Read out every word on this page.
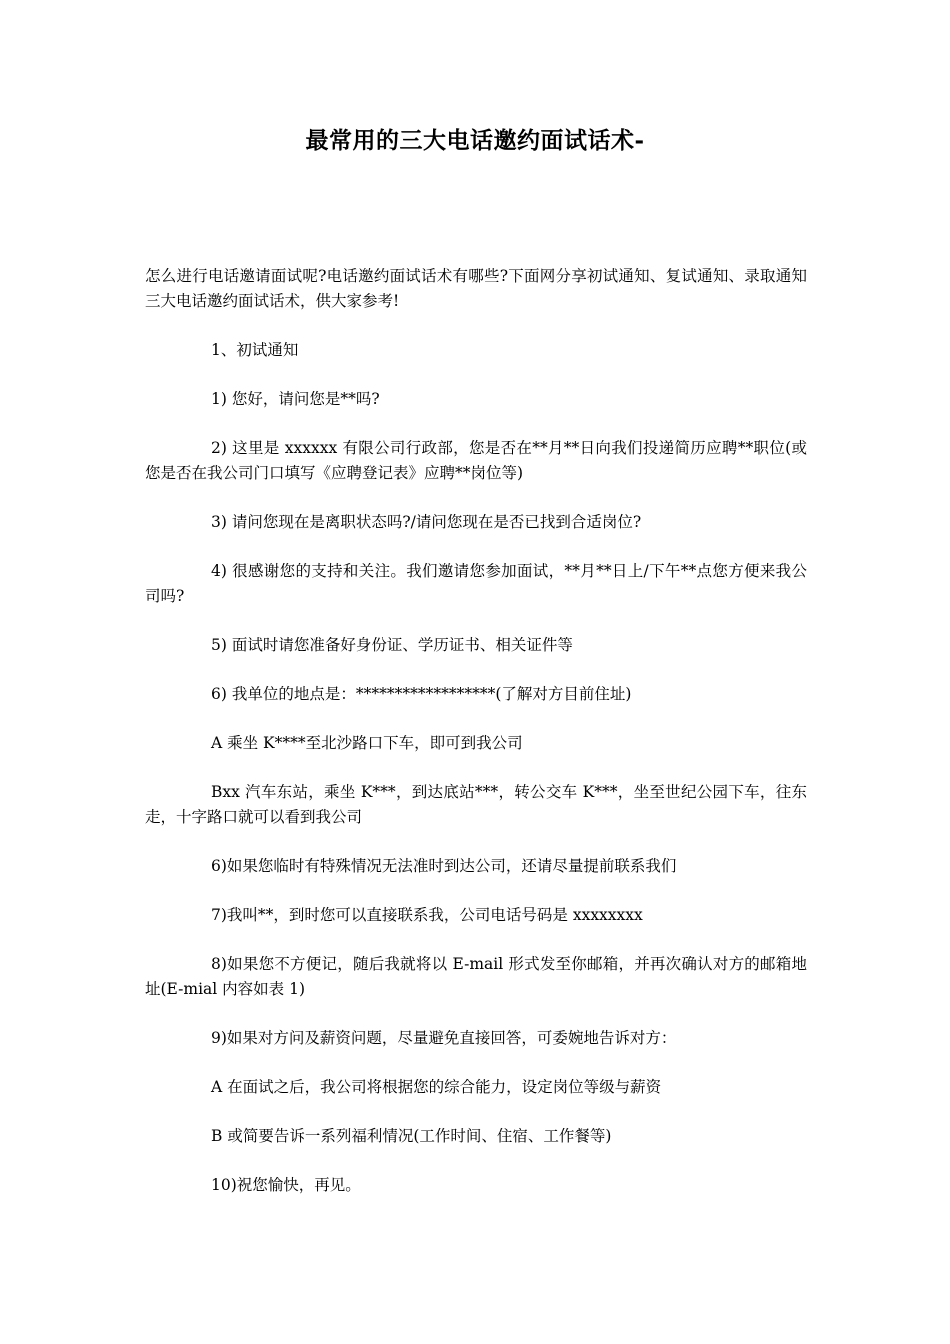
最常用的三大电话邀约面试话术-

怎么进行电话邀请面试呢?电话邀约面试话术有哪些?下面网分享初试通知、复试通知、录取通知三大电话邀约面试话术，供大家参考!

1、初试通知

1) 您好，请问您是**吗?

2) 这里是 xxxxxx 有限公司行政部，您是否在**月**日向我们投递简历应聘**职位(或您是否在我公司门口填写《应聘登记表》应聘**岗位等)

3) 请问您现在是离职状态吗?/请问您现在是否已找到合适岗位?

4) 很感谢您的支持和关注。我们邀请您参加面试，**月**日上/下午**点您方便来我公司吗?

5) 面试时请您准备好身份证、学历证书、相关证件等

6) 我单位的地点是：******************(了解对方目前住址)

A 乘坐 K****至北沙路口下车，即可到我公司

Bxx 汽车东站，乘坐 K***，到达底站***，转公交车 K***，坐至世纪公园下车，往东走，十字路口就可以看到我公司

6)如果您临时有特殊情况无法准时到达公司，还请尽量提前联系我们

7)我叫**，到时您可以直接联系我，公司电话号码是 xxxxxxxx

8)如果您不方便记，随后我就将以 E-mail 形式发至你邮箱，并再次确认对方的邮箱地址(E-mial 内容如表 1)

9)如果对方问及薪资问题，尽量避免直接回答，可委婉地告诉对方：

A 在面试之后，我公司将根据您的综合能力，设定岗位等级与薪资

B 或简要告诉一系列福利情况(工作时间、住宿、工作餐等)

10)祝您愉快，再见。
